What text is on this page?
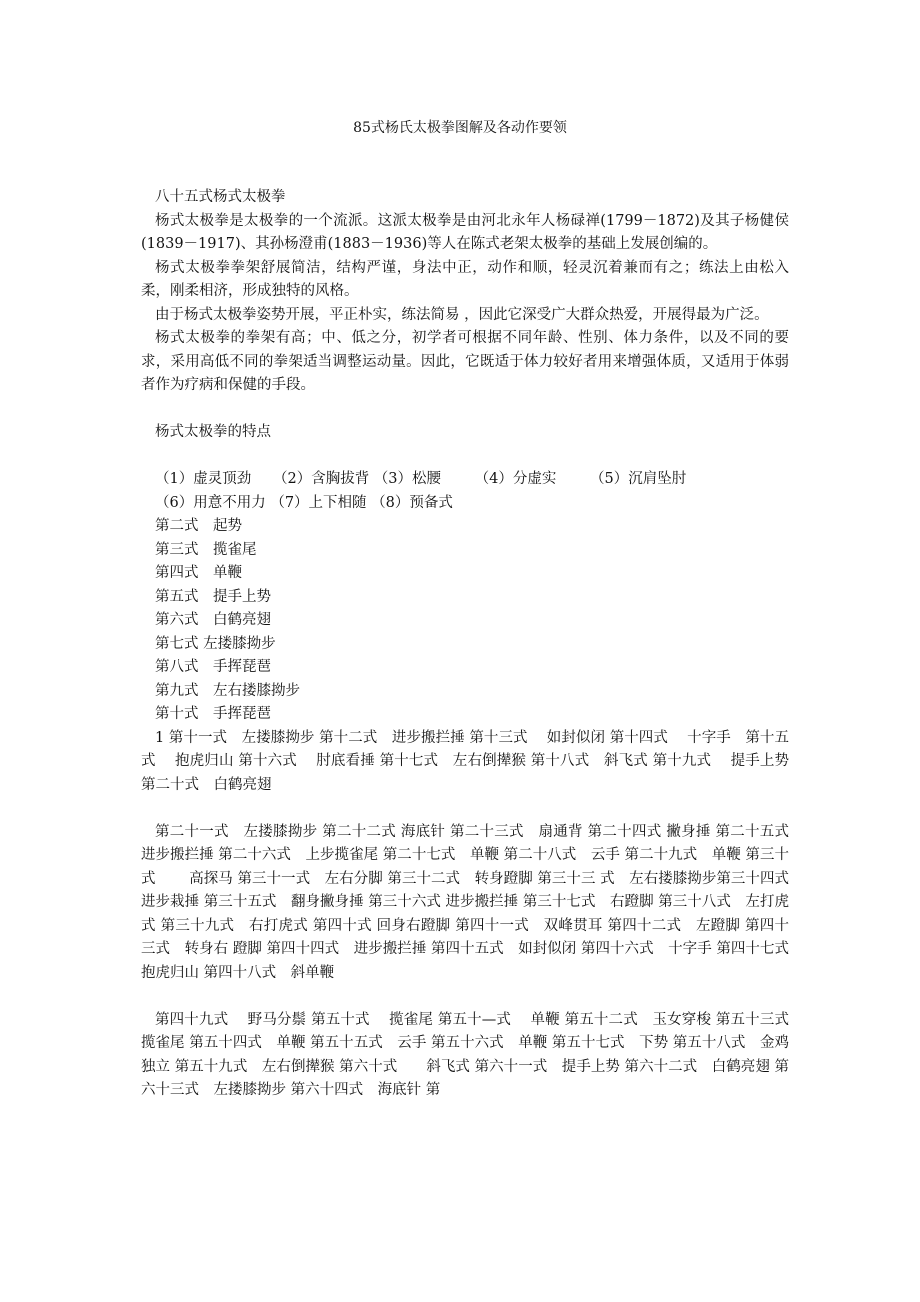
85式杨氏太极拳图解及各动作要领

八十五式杨式太极拳

杨式太极拳是太极拳的一个流派。这派太极拳是由河北永年人杨碌禅(1799－1872)及其子杨健侯(1839－1917)、其孙杨澄甫(1883－1936)等人在陈式老架太极拳的基础上发展创编的。

杨式太极拳拳架舒展简洁，结构严谨，身法中正，动作和顺，轻灵沉着兼而有之；练法上由松入柔，刚柔相济，形成独特的风格。

由于杨式太极拳姿势开展，平正朴实，练法简易 ，因此它深受广大群众热爱，开展得最为广泛。

杨式太极拳的拳架有高；中、低之分，初学者可根据不同年龄、性别、体力条件，以及不同的要求，采用高低不同的拳架适当调整运动量。因此，它既适于体力较好者用来增强体质，又适用于体弱者作为疗病和保健的手段。

杨式太极拳的特点

（1）虚灵顶劲　　（2）含胸拔背 （3）松腰　　 （4）分虚实　　 （5）沉肩坠肘

（6）用意不用力 （7）上下相随 （8）预备式

第二式　起势

第三式　揽雀尾

第四式　单鞭

第五式　提手上势

第六式　白鹤亮翅

第七式 左搂膝拗步

第八式　手挥琵琶

第九式　左右搂膝拗步

第十式　手挥琵琶

1 第十一式　左搂膝拗步 第十二式　进步搬拦捶 第十三式　 如封似闭 第十四式　 十字手　第十五式　 抱虎归山 第十六式　 肘底看捶 第十七式　左右倒撵猴 第十八式　斜飞式 第十九式　 提手上势 第二十式　白鹤亮翅

第二十一式　左搂膝拗步 第二十二式 海底针 第二十三式　扇通背 第二十四式 撇身捶 第二十五式　进步搬拦捶 第二十六式　上步揽雀尾 第二十七式　单鞭 第二十八式　云手 第二十九式　单鞭 第三十式　　 高探马 第三十一式　左右分脚 第三十二式　转身蹬脚 第三十三 式　左右搂膝拗步第三十四式　进步栽捶 第三十五式　翻身撇身捶 第三十六式 进步搬拦捶 第三十七式　右蹬脚 第三十八式　左打虎式 第三十九式　右打虎式 第四十式 回身右蹬脚 第四十一式　双峰贯耳 第四十二式　左蹬脚 第四十三式　转身右 蹬脚 第四十四式　进步搬拦捶 第四十五式　如封似闭 第四十六式　十字手 第四十七式　抱虎归山 第四十八式　斜单鞭

第四十九式　 野马分鬃 第五十式　 揽雀尾 第五十—式　 单鞭 第五十二式　玉女穿梭 第五十三式　揽雀尾 第五十四式　单鞭 第五十五式　云手 第五十六式　单鞭 第五十七式　下势 第五十八式　金鸡独立 第五十九式　左右倒撵猴 第六十式　　斜飞式 第六十一式　提手上势 第六十二式　白鹤亮翅 第六十三式　左搂膝拗步 第六十四式　海底针 第
